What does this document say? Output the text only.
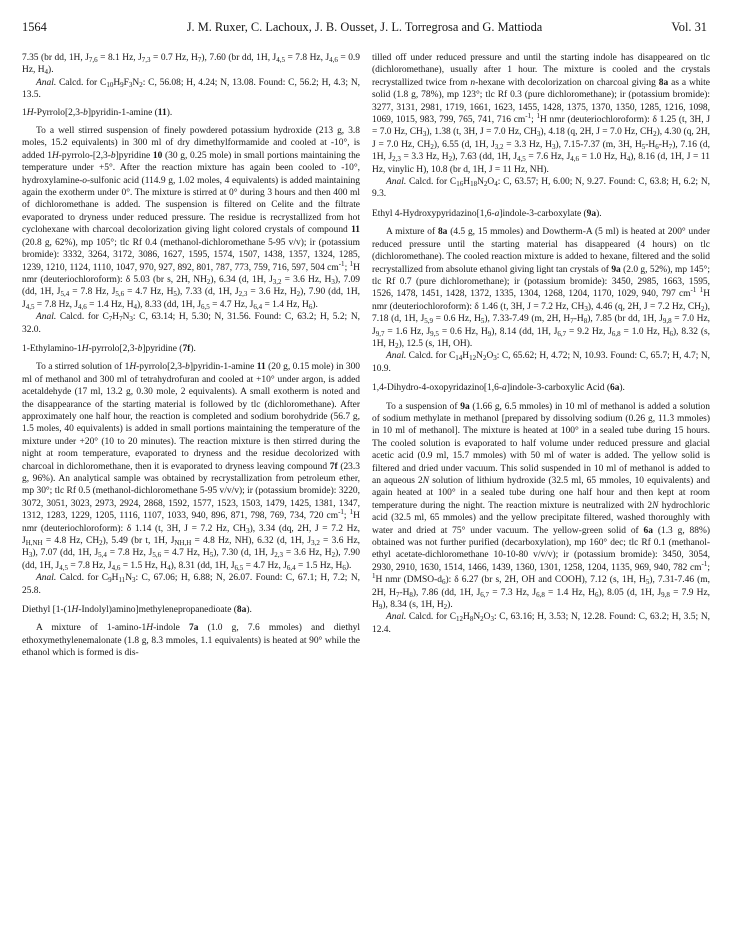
1564	J. M. Ruxer, C. Lachoux, J. B. Ousset, J. L. Torregrosa and G. Mattioda	Vol. 31

7.35 (br dd, 1H, $J_{7,6} = 8.1$ Hz, $J_{7,3} = 0.7$ Hz, $H_7$), 7.60 (br dd, 1H, $J_{4,5} = 7.8$ Hz, $J_{4,6} = 0.9$ Hz, $H_4$).

Anal. Calcd. for $C_{10}H_9F_3N_2$: C, 56.08; H, 4.24; N, 13.08. Found: C, 56.2; H, 4.3; N, 13.5.

1H-Pyrrolo[2,3-b]pyridin-1-amine (11).

To a well stirred suspension of finely powdered potassium hydroxide (213 g, 3.8 moles, 15.2 equivalents) in 300 ml of dry dimethylformamide and cooled at -10°, is added 1H-pyrrolo-[2,3-b]pyridine 10 (30 g, 0.25 mole) in small portions maintaining the temperature under +5°. After the reaction mixture has again been cooled to -10°, hydroxylamine-o-sulfonic acid (114.9 g, 1.02 moles, 4 equivalents) is added maintaining again the exotherm under 0°. The mixture is stirred at 0° during 3 hours and then 400 ml of dichloromethane is added. The suspension is filtered on Celite and the filtrate evaporated to dryness under reduced pressure. The residue is recrystallized from hot cyclohexane with charcoal decolorization giving light colored crystals of compound 11 (20.8 g, 62%), mp 105°; tlc Rf 0.4 (methanol-dichloromethane 5-95 v/v); ir (potassium bromide): 3332, 3264, 3172, 3086, 1627, 1595, 1574, 1507, 1438, 1357, 1324, 1285, 1239, 1210, 1124, 1110, 1047, 970, 927, 892, 801, 787, 773, 759, 716, 597, 504 $cm^{-1}$; $^1$H nmr (deuteriochloroform): δ 5.03 (br s, 2H, $NH_2$), 6.34 (d, 1H, $J_{3,2} = 3.6$ Hz, $H_3$), 7.09 (dd, 1H, $J_{5,4} = 7.8$ Hz, $J_{5,6} = 4.7$ Hz, $H_5$), 7.33 (d, 1H, $J_{2,3} = 3.6$ Hz, $H_2$), 7.90 (dd, 1H, $J_{4,5} = 7.8$ Hz, $J_{4,6} = 1.4$ Hz, $H_4$), 8.33 (dd, 1H, $J_{6,5} = 4.7$ Hz, $J_{6,4} = 1.4$ Hz, $H_6$).

Anal. Calcd. for $C_7H_7N_3$: C, 63.14; H, 5.30; N, 31.56. Found: C, 63.2; H, 5.2; N, 32.0.

1-Ethylamino-1H-pyrrolo[2,3-b]pyridine (7f).

To a stirred solution of 1H-pyrrolo[2,3-b]pyridin-1-amine 11 (20 g, 0.15 mole) in 300 ml of methanol and 300 ml of tetrahydrofuran and cooled at +10° under argon, is added acetaldehyde (17 ml, 13.2 g, 0.30 mole, 2 equivalents). A small exotherm is noted and the disappearance of the starting material is followed by tlc (dichloromethane). After approximately one half hour, the reaction is completed and sodium borohydride (56.7 g, 1.5 moles, 40 equivalents) is added in small portions maintaining the temperature of the mixture under +20° (10 to 20 minutes). The reaction mixture is then stirred during the night at room temperature, evaporated to dryness and the residue decolorized with charcoal in dichloromethane, then it is evaporated to dryness leaving compound 7f (23.3 g, 96%). An analytical sample was obtained by recrystallization from petroleum ether, mp 30°; tlc Rf 0.5 (methanol-dichloromethane 5-95 v/v/v); ir (potassium bromide): 3220, 3072, 3051, 3023, 2973, 2924, 2868, 1592, 1577, 1523, 1503, 1479, 1425, 1381, 1347, 1312, 1283, 1229, 1205, 1116, 1107, 1033, 940, 896, 871, 798, 769, 734, 720 $cm^{-1}$; $^1$H nmr (deuteriochloroform): δ 1.14 (t, 3H, J = 7.2 Hz, $CH_3$), 3.34 (dq, 2H, J = 7.2 Hz, $J_{H,NH} = 4.8$ Hz, $CH_2$), 5.49 (br t, 1H, $J_{NH,H} = 4.8$ Hz, NH), 6.32 (d, 1H, $J_{3,2} = 3.6$ Hz, $H_3$), 7.07 (dd, 1H, $J_{5,4} = 7.8$ Hz, $J_{5,6} = 4.7$ Hz, $H_5$), 7.30 (d, 1H, $J_{2,3} = 3.6$ Hz, $H_2$), 7.90 (dd, 1H, $J_{4,5} = 7.8$ Hz, $J_{4,6} = 1.5$ Hz, $H_4$), 8.31 (dd, 1H, $J_{6,5} = 4.7$ Hz, $J_{6,4} = 1.5$ Hz, $H_6$).

Anal. Calcd. for $C_9H_{11}N_3$: C, 67.06; H, 6.88; N, 26.07. Found: C, 67.1; H, 7.2; N, 25.8.

Diethyl [1-(1H-Indolyl)amino]methylenepropanedioate (8a).

A mixture of 1-amino-1H-indole 7a (1.0 g, 7.6 mmoles) and diethyl ethoxymethylenemalonate (1.8 g, 8.3 mmoles, 1.1 equivalents) is heated at 90° while the ethanol which is formed is dis-

tilled off under reduced pressure and until the starting indole has disappeared on tlc (dichloromethane), usually after 1 hour. The mixture is cooled and the crystals recrystallized twice from n-hexane with decolorization on charcoal giving 8a as a white solid (1.8 g, 78%), mp 123°; tlc Rf 0.3 (pure dichloromethane); ir (potassium bromide): 3277, 3131, 2981, 1719, 1661, 1623, 1455, 1428, 1375, 1370, 1350, 1285, 1216, 1098, 1069, 1015, 983, 799, 765, 741, 716 $cm^{-1}$; $^1$H nmr (deuteriochloroform): δ 1.25 (t, 3H, J = 7.0 Hz, $CH_3$), 1.38 (t, 3H, J = 7.0 Hz, $CH_3$), 4.18 (q, 2H, J = 7.0 Hz, $CH_2$), 4.30 (q, 2H, J = 7.0 Hz, $CH_2$), 6.55 (d, 1H, $J_{3,2} = 3.3$ Hz, $H_3$), 7.15-7.37 (m, 3H, $H_5-H_6-H_7$), 7.16 (d, 1H, $J_{2,3} = 3.3$ Hz, $H_2$), 7.63 (dd, 1H, $J_{4,5} = 7.6$ Hz, $J_{4,6} = 1.0$ Hz, $H_4$), 8.16 (d, 1H, J = 11 Hz, vinylic H), 10.8 (br d, 1H, J = 11 Hz, NH).

Anal. Calcd. for $C_{16}H_{18}N_2O_4$: C, 63.57; H, 6.00; N, 9.27. Found: C, 63.8; H, 6.2; N, 9.3.

Ethyl 4-Hydroxypyridazino[1,6-a]indole-3-carboxylate (9a).

A mixture of 8a (4.5 g, 15 mmoles) and Dowtherm-A (5 ml) is heated at 200° under reduced pressure until the starting material has disappeared (4 hours) on tlc (dichloromethane). The cooled reaction mixture is added to hexane, filtered and the solid recrystallized from absolute ethanol giving light tan crystals of 9a (2.0 g, 52%), mp 145°; tlc Rf 0.7 (pure dichloromethane); ir (potassium bromide): 3450, 2985, 1663, 1595, 1526, 1478, 1451, 1428, 1372, 1335, 1304, 1268, 1204, 1170, 1029, 940, 797 $cm^{-1}$ $^1$H nmr (deuteriochloroform): δ 1.46 (t, 3H, J = 7.2 Hz, $CH_3$), 4.46 (q, 2H, J = 7.2 Hz, $CH_2$), 7.18 (d, 1H, $J_{5,9} = 0.6$ Hz, $H_5$), 7.33-7.49 (m, 2H, $H_7-H_8$), 7.85 (br dd, 1H, $J_{9,8} = 7.0$ Hz, $J_{9,7} = 1.6$ Hz, $J_{9,5} = 0.6$ Hz, $H_9$), 8.14 (dd, 1H, $J_{6,7} = 9.2$ Hz, $J_{6,8} = 1.0$ Hz, $H_6$), 8.32 (s, 1H, $H_2$), 12.5 (s, 1H, OH).

Anal. Calcd. for $C_{14}H_{12}N_2O_3$: C, 65.62; H, 4.72; N, 10.93. Found: C, 65.7; H, 4.7; N, 10.9.

1,4-Dihydro-4-oxopyridazino[1,6-a]indole-3-carboxylic Acid (6a).

To a suspension of 9a (1.66 g, 6.5 mmoles) in 10 ml of methanol is added a solution of sodium methylate in methanol [prepared by dissolving sodium (0.26 g, 11.3 mmoles) in 10 ml of methanol]. The mixture is heated at 100° in a sealed tube during 15 hours. The cooled solution is evaporated to half volume under reduced pressure and glacial acetic acid (0.9 ml, 15.7 mmoles) with 50 ml of water is added. The yellow solid is filtered and dried under vacuum. This solid suspended in 10 ml of methanol is added to an aqueous 2N solution of lithium hydroxide (32.5 ml, 65 mmoles, 10 equivalents) and again heated at 100° in a sealed tube during one half hour and then kept at room temperature during the night. The reaction mixture is neutralized with 2N hydrochloric acid (32.5 ml, 65 mmoles) and the yellow precipitate filtered, washed thoroughly with water and dried at 75° under vacuum. The yellow-green solid of 6a (1.3 g, 88%) obtained was not further purified (decarboxylation), mp 160° dec; tlc Rf 0.1 (methanol-ethyl acetate-dichloromethane 10-10-80 v/v/v); ir (potassium bromide): 3450, 3054, 2930, 2910, 1630, 1514, 1466, 1439, 1360, 1301, 1258, 1204, 1135, 969, 940, 782 $cm^{-1}$; $^1$H nmr $(DMSO-d_6)$: δ 6.27 (br s, 2H, OH and COOH), 7.12 (s, 1H, $H_5$), 7.31-7.46 (m, 2H, $H_7-H_8$), 7.86 (dd, 1H, $J_{6,7} = 7.3$ Hz, $J_{6,8} = 1.4$ Hz, $H_6$), 8.05 (d, 1H, $J_{9,8} = 7.9$ Hz, $H_9$), 8.34 (s, 1H, $H_2$).

Anal. Calcd. for $C_{12}H_8N_2O_3$: C, 63.16; H, 3.53; N, 12.28. Found: C, 63.2; H, 3.5; N, 12.4.
